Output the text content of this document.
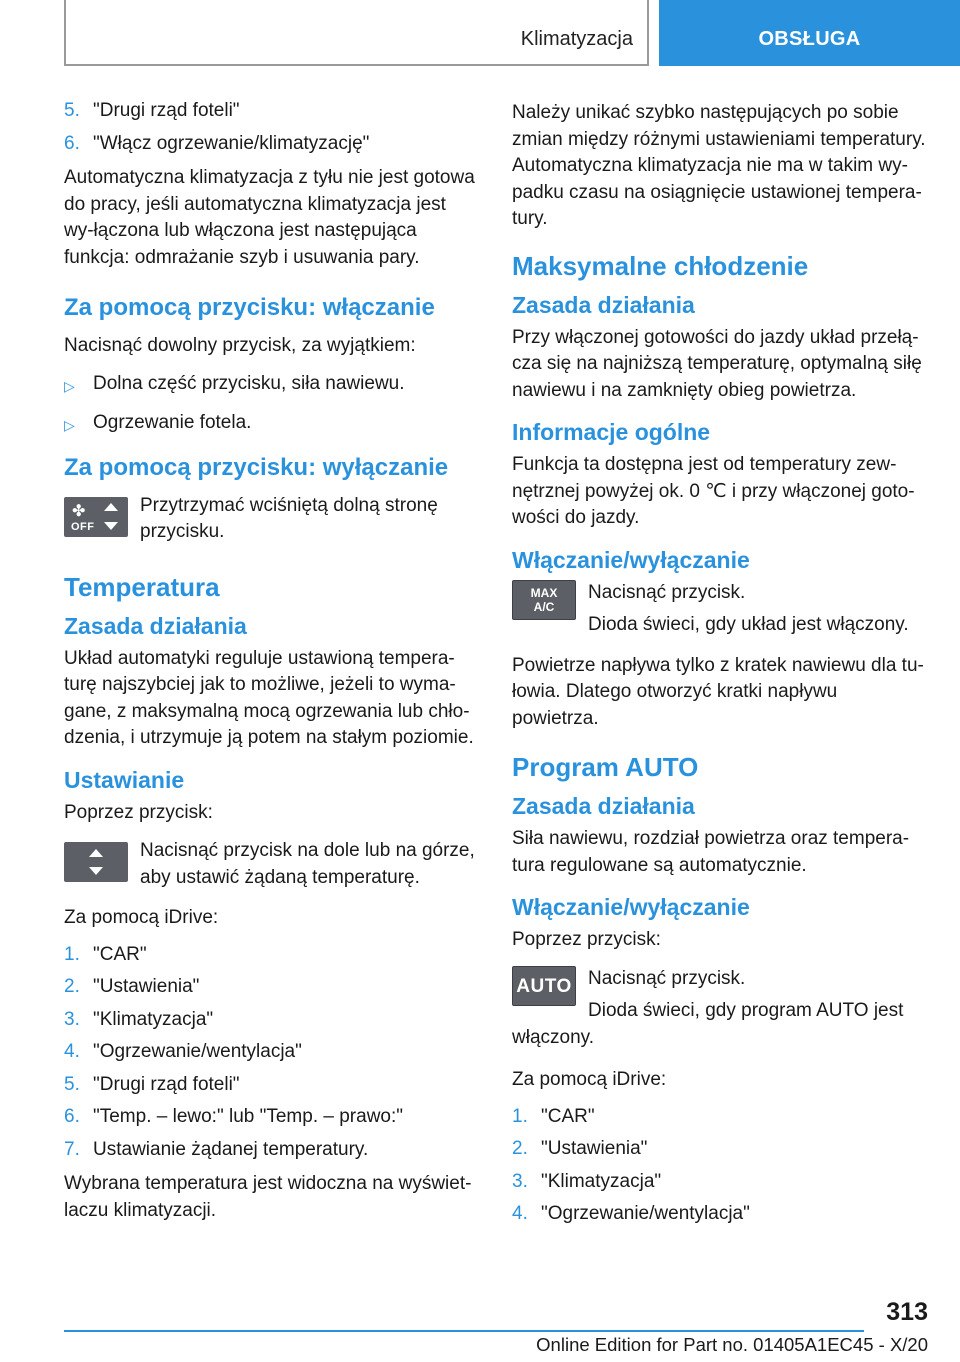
Klimatyzacja	OBSŁUGA
5. "Drugi rząd foteli"
6. "Włącz ogrzewanie/klimatyzację"

Automatyczna klimatyzacja z tyłu nie jest gotowa do pracy, jeśli automatyczna klimatyzacja jest wy-łączona lub włączona jest następująca funkcja: odmrażanie szyb i usuwania pary.

Za pomocą przycisku: włączanie

Nacisnąć dowolny przycisk, za wyjątkiem:

▷ Dolna część przycisku, siła nawiewu.
▷ Ogrzewanie fotela.
Za pomocą przycisku: wyłączanie
✤
OFF
Przytrzymać wciśniętą dolną stronę przycisku.
Temperatura
Zasada działania

Układ automatyki reguluje ustawioną tempera-turę najszybciej jak to możliwe, jeżeli to wyma-gane, z maksymalną mocą ogrzewania lub chło-dzenia, i utrzymuje ją potem na stałym poziomie.

Ustawianie

Poprzez przycisk:

Nacisnąć przycisk na dole lub na górze, aby ustawić żądaną temperaturę.

Za pomocą iDrive:

1. "CAR"
2. "Ustawienia"
3. "Klimatyzacja"
4. "Ogrzewanie/wentylacja"
5. "Drugi rząd foteli"
6. "Temp. – lewo:" lub "Temp. – prawo:"
7. Ustawianie żądanej temperatury.

Wybrana temperatura jest widoczna na wyświet-laczu klimatyzacji.

Należy unikać szybko następujących po sobie zmian między różnymi ustawieniami temperatury. Automatyczna klimatyzacja nie ma w takim wy-padku czasu na osiągnięcie ustawionej tempera-tury.

Maksymalne chłodzenie
Zasada działania

Przy włączonej gotowości do jazdy układ przełą-cza się na najniższą temperaturę, optymalną siłę nawiewu i na zamknięty obieg powietrza.

Informacje ogólne

Funkcja ta dostępna jest od temperatury zew-nętrznej powyżej ok. 0 ℃ i przy włączonej goto-wości do jazdy.

Włączanie/wyłączanie
MAX
A/C
Nacisnąć przycisk.
Dioda świeci, gdy układ jest włączony.

Powietrze napływa tylko z kratek nawiewu dla tu-łowia. Dlatego otworzyć kratki napływu powietrza.

Program AUTO
Zasada działania

Siła nawiewu, rozdział powietrza oraz tempera-tura regulowane są automatycznie.

Włączanie/wyłączanie

Poprzez przycisk:

AUTO Nacisnąć przycisk.
Dioda świeci, gdy program AUTO jest

włączony.

Za pomocą iDrive:

1. "CAR"
2. "Ustawienia"
3. "Klimatyzacja"
4. "Ogrzewanie/wentylacja"
313
Online Edition for Part no. 01405A1EC45 - X/20
